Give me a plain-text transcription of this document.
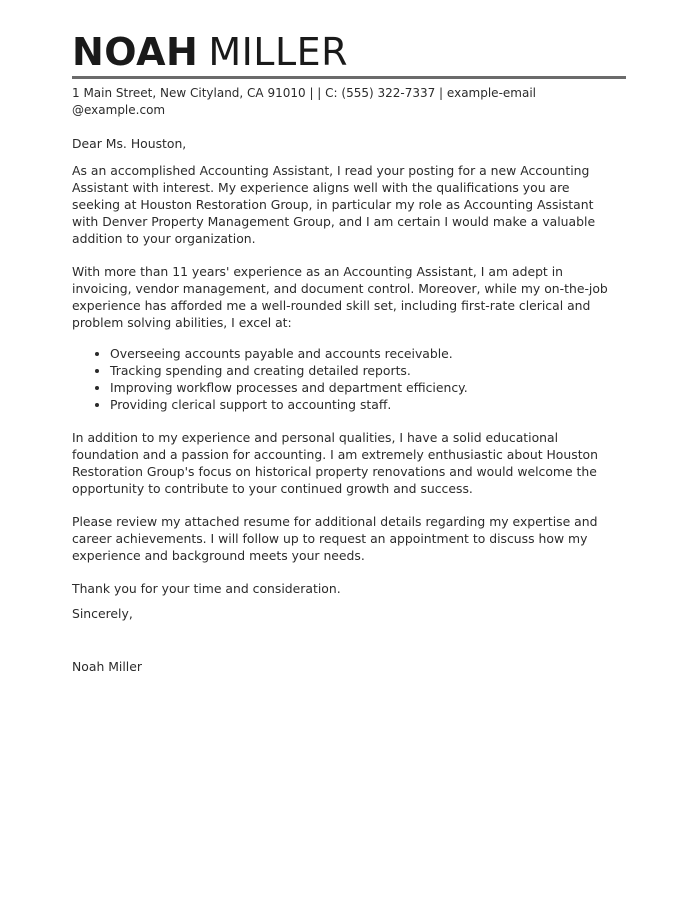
NOAH MILLER
1 Main Street, New Cityland, CA 91010 | | C: (555) 322-7337 | example-email@example.com
Dear Ms. Houston,

As an accomplished Accounting Assistant, I read your posting for a new Accounting Assistant with interest. My experience aligns well with the qualifications you are seeking at Houston Restoration Group, in particular my role as Accounting Assistant with Denver Property Management Group, and I am certain I would make a valuable addition to your organization.

With more than 11 years' experience as an Accounting Assistant, I am adept in invoicing, vendor management, and document control. Moreover, while my on-the-job experience has afforded me a well-rounded skill set, including first-rate clerical and problem solving abilities, I excel at:

• Overseeing accounts payable and accounts receivable.
• Tracking spending and creating detailed reports.
• Improving workflow processes and department efficiency.
• Providing clerical support to accounting staff.

In addition to my experience and personal qualities, I have a solid educational foundation and a passion for accounting. I am extremely enthusiastic about Houston Restoration Group's focus on historical property renovations and would welcome the opportunity to contribute to your continued growth and success.

Please review my attached resume for additional details regarding my expertise and career achievements. I will follow up to request an appointment to discuss how my experience and background meets your needs.

Thank you for your time and consideration.
Sincerely,
Noah Miller
